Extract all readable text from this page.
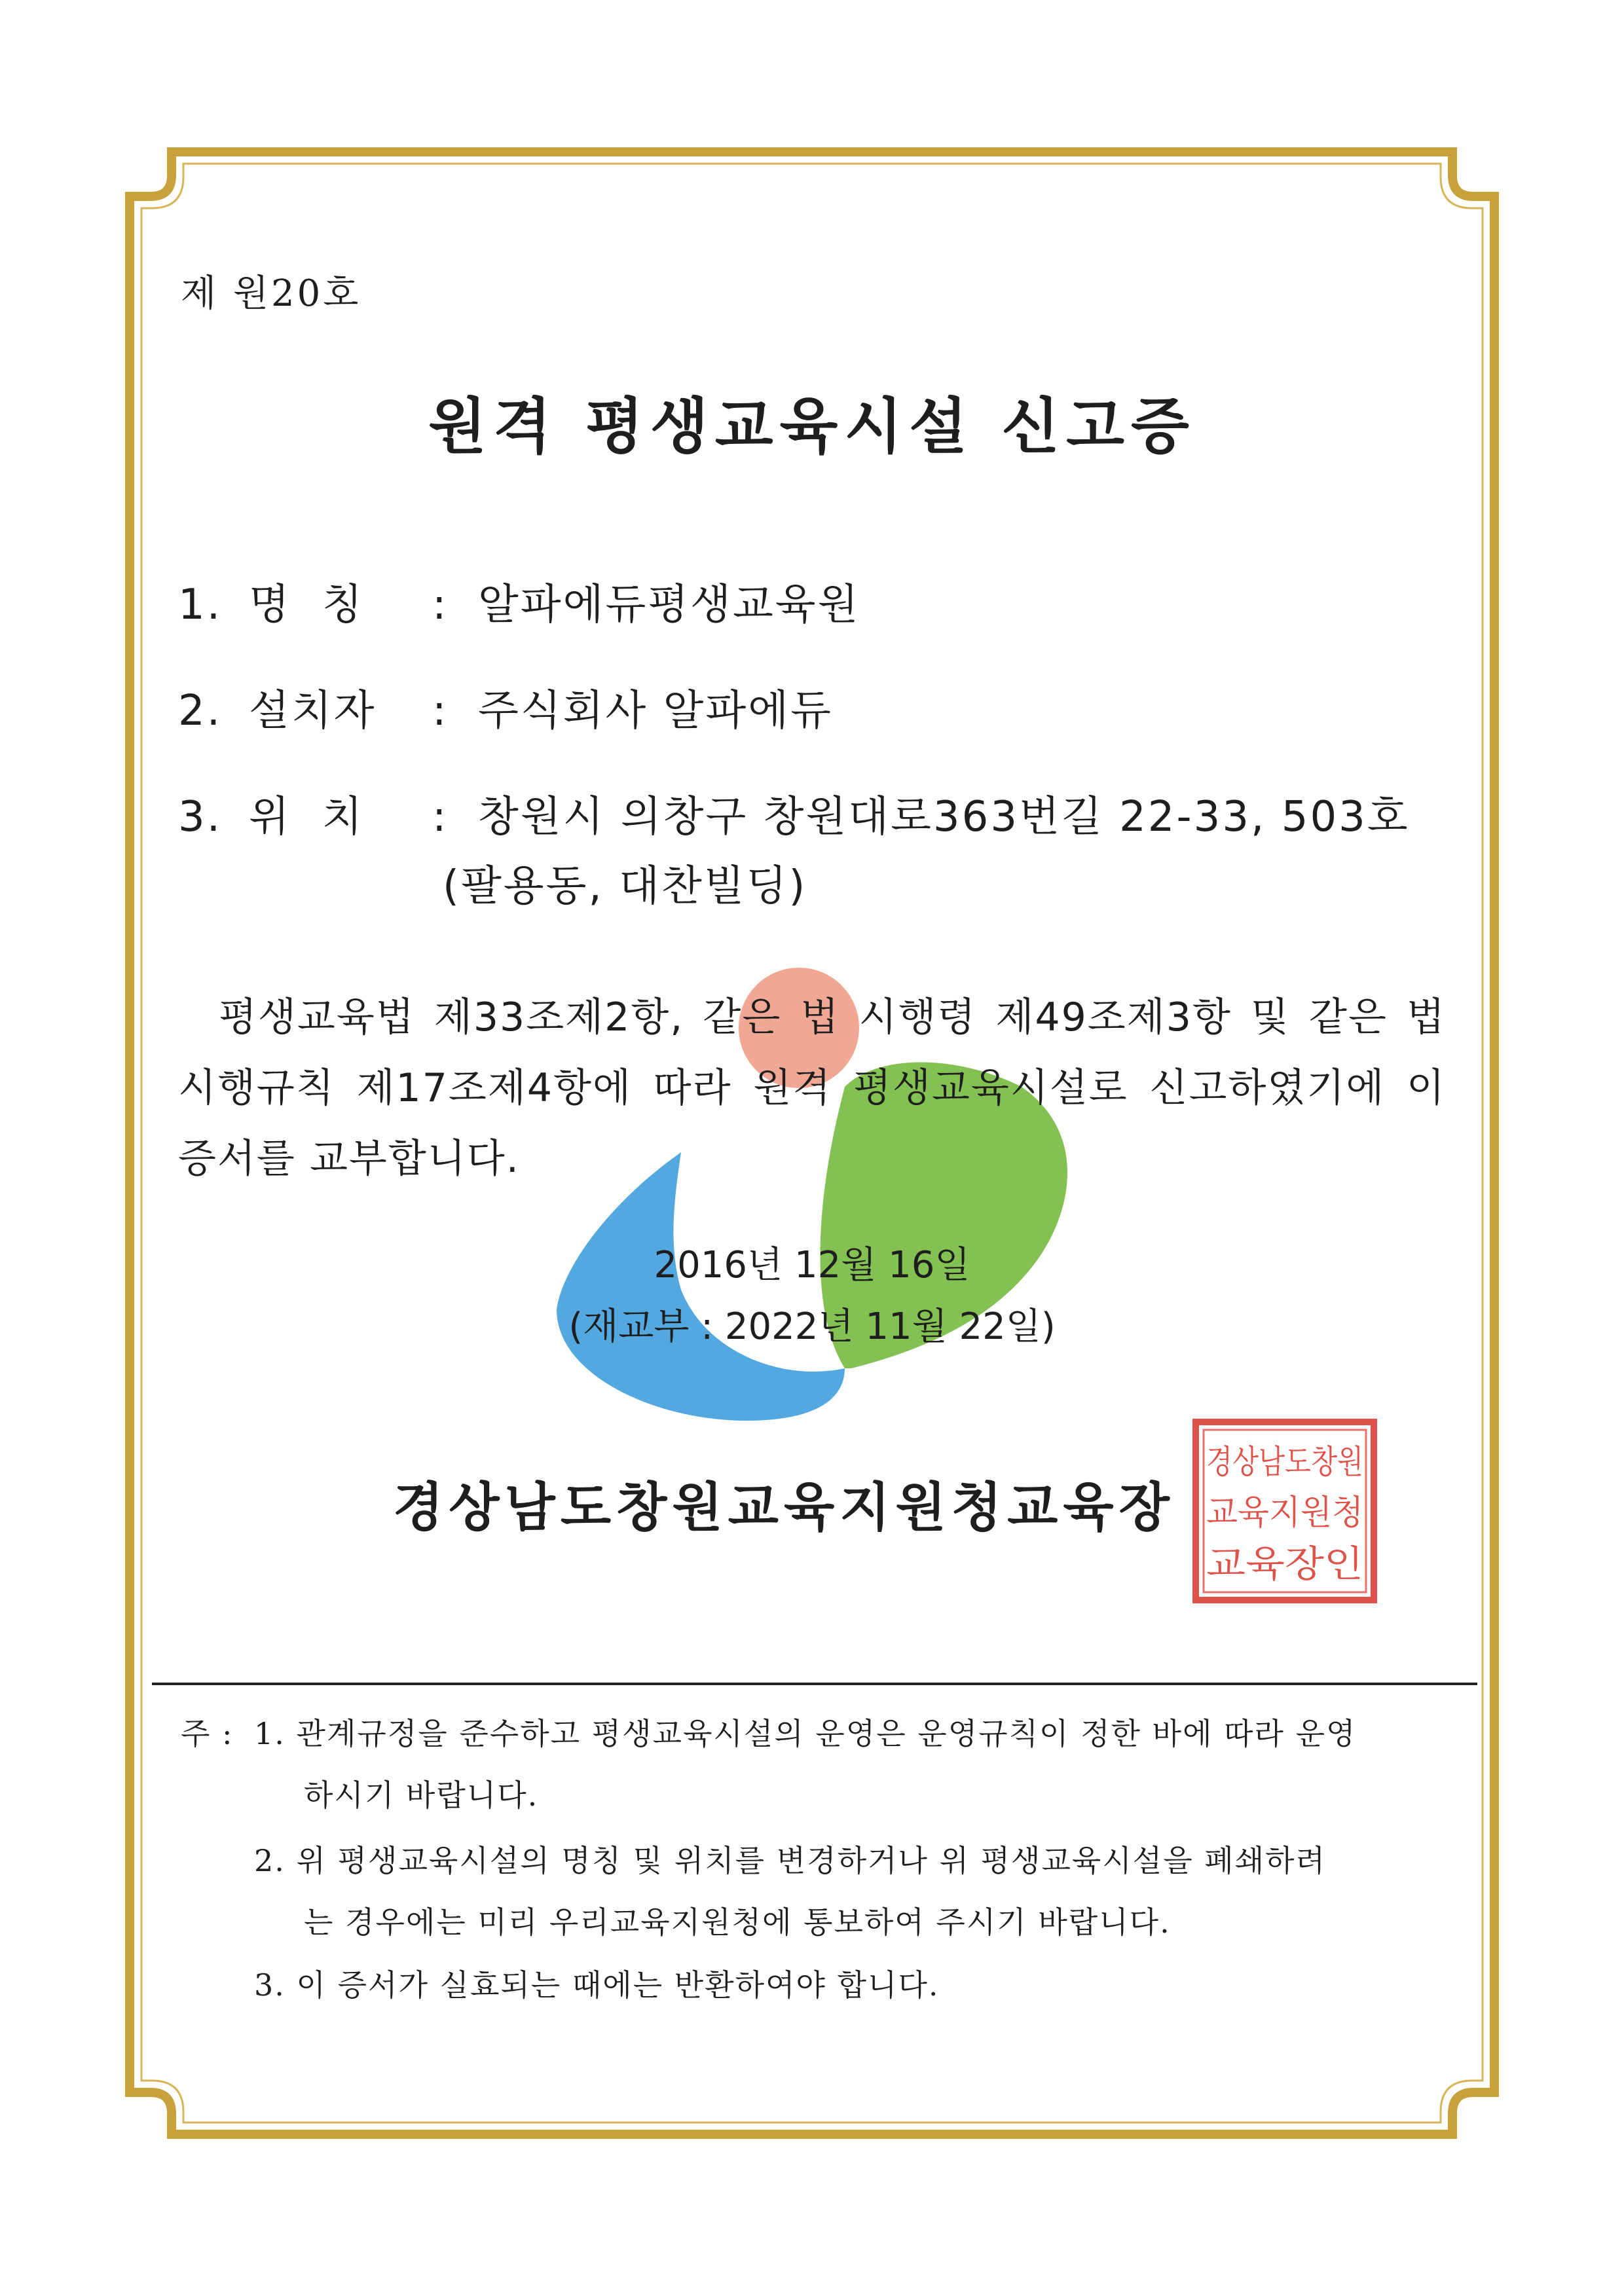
제 원20호
원격 평생교육시설 신고증
1. 명  칭 : 알파에듀평생교육원
2. 설치자 : 주식회사 알파에듀
3. 위  치 : 창원시 의창구 창원대로363번길 22-33, 503호
(팔용동, 대찬빌딩)
평생교육법 제33조제2항, 같은 법 시행령 제49조제3항 및 같은 법 시행규칙 제17조제4항에 따라 원격 평생교육시설로 신고하였기에 이 증서를 교부합니다.
2016년 12월 16일
(재교부 : 2022년 11월 22일)
경상남도창원교육지원청교육장
경상남도창원
교육지원청
교육장인
주 : 1. 관계규정을 준수하고 평생교육시설의 운영은 운영규칙이 정한 바에 따라 운영
하시기 바랍니다.
2. 위 평생교육시설의 명칭 및 위치를 변경하거나 위 평생교육시설을 폐쇄하려
는 경우에는 미리 우리교육지원청에 통보하여 주시기 바랍니다.
3. 이 증서가 실효되는 때에는 반환하여야 합니다.
